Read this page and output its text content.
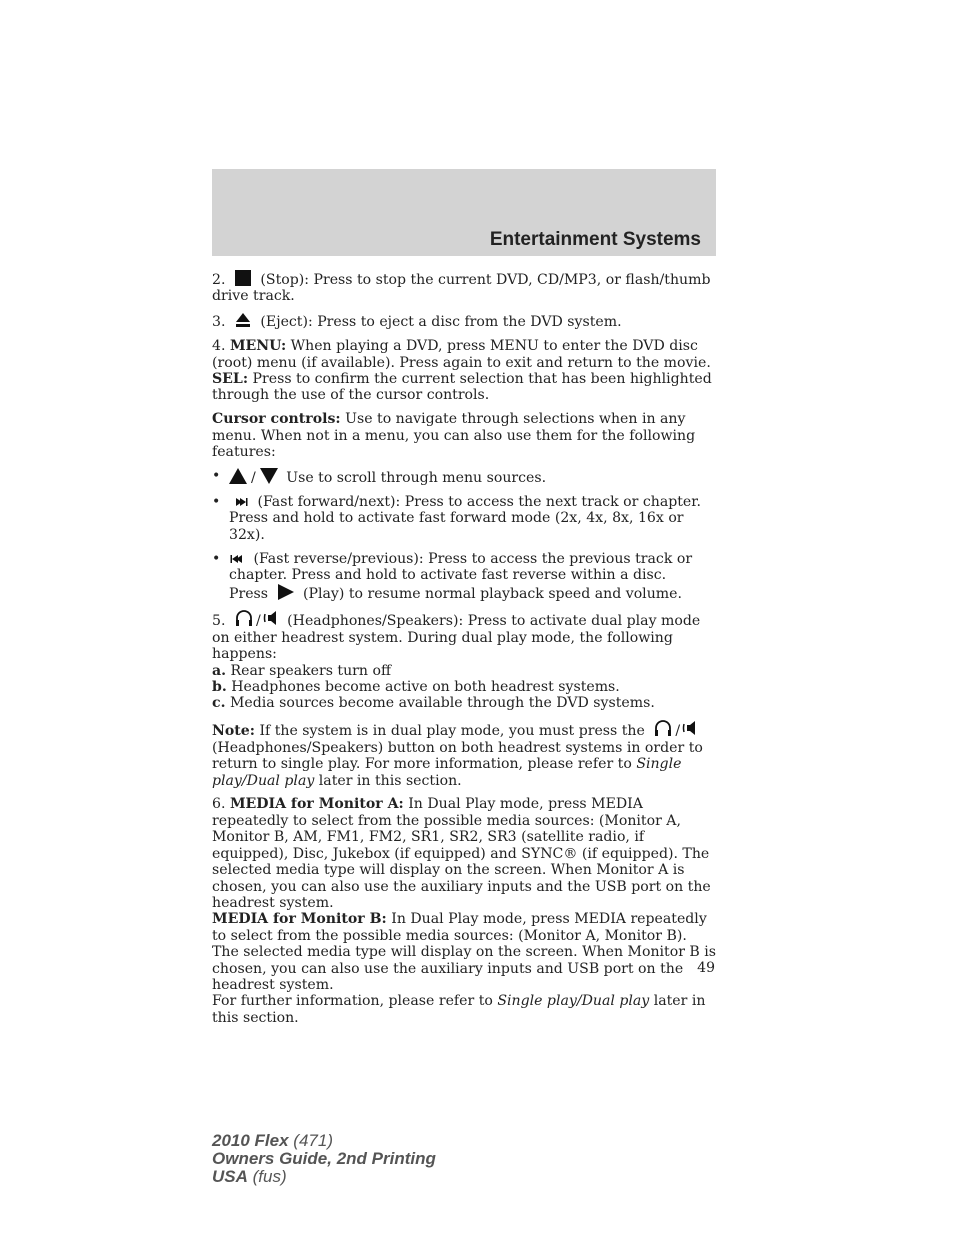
Entertainment Systems

2. (Stop): Press to stop the current DVD, CD/MP3, or flash/thumb drive track.

3. (Eject): Press to eject a disc from the DVD system.

4. MENU: When playing a DVD, press MENU to enter the DVD disc (root) menu (if available). Press again to exit and return to the movie.
SEL: Press to confirm the current selection that has been highlighted through the use of the cursor controls.

Cursor controls: Use to navigate through selections when in any menu. When not in a menu, you can also use them for the following features:

• / Use to scroll through menu sources.
•	(Fast forward/next): Press to access the next track or chapter. Press and hold to activate fast forward mode (2x, 4x, 8x, 16x or 32x).
• (Fast reverse/previous): Press to access the previous track or chapter. Press and hold to activate fast reverse within a disc.
Press (Play) to resume normal playback speed and volume.

5. / (Headphones/Speakers): Press to activate dual play mode on either headrest system. During dual play mode, the following happens:
a. Rear speakers turn off
b. Headphones become active on both headrest systems.
c. Media sources become available through the DVD systems.

Note: If the system is in dual play mode, you must press the / (Headphones/Speakers) button on both headrest systems in order to return to single play. For more information, please refer to Single play/Dual play later in this section.

6. MEDIA for Monitor A: In Dual Play mode, press MEDIA repeatedly to select from the possible media sources: (Monitor A, Monitor B, AM, FM1, FM2, SR1, SR2, SR3 (satellite radio, if equipped), Disc, Jukebox (if equipped) and SYNC® (if equipped). The selected media type will display on the screen. When Monitor A is chosen, you can also use the auxiliary inputs and the USB port on the headrest system.
MEDIA for Monitor B: In Dual Play mode, press MEDIA repeatedly to select from the possible media sources: (Monitor A, Monitor B). The selected media type will display on the screen. When Monitor B is chosen, you can also use the auxiliary inputs and USB port on the headrest system.
For further information, please refer to Single play/Dual play later in this section.

49
2010 Flex (471)
Owners Guide, 2nd Printing
USA (fus)
